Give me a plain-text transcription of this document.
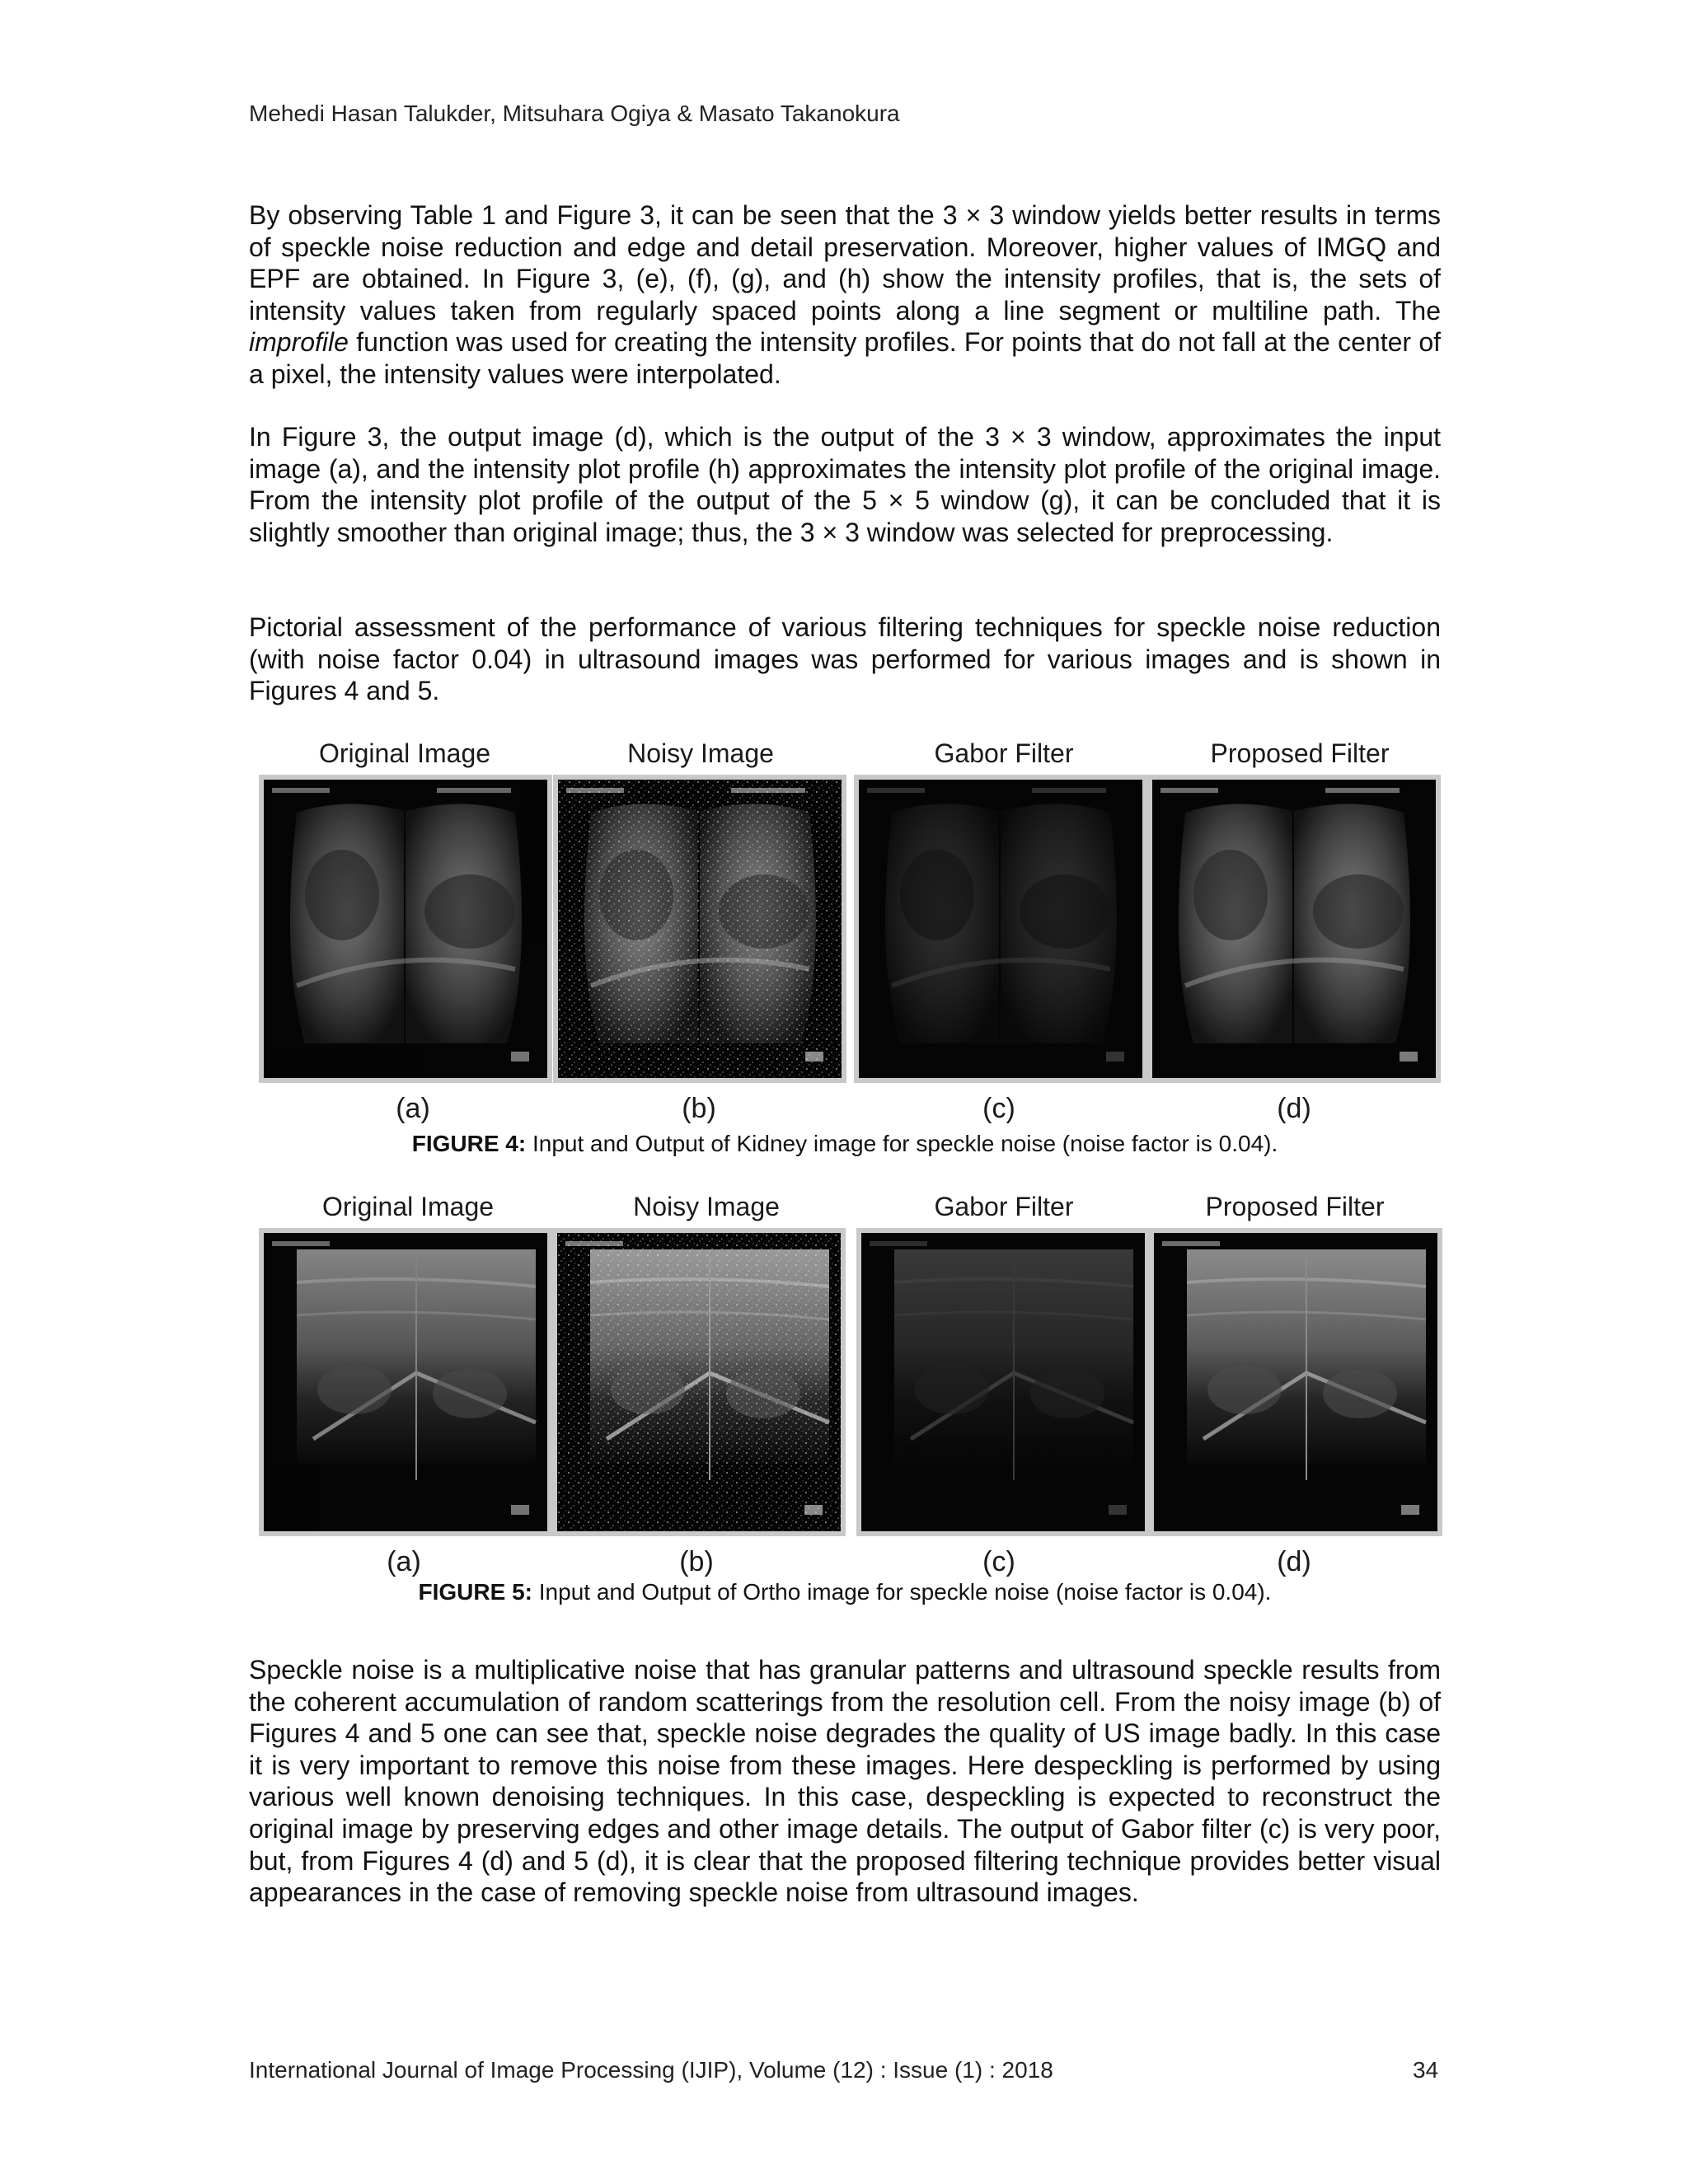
Mehedi Hasan Talukder, Mitsuhara Ogiya & Masato Takanokura

By observing Table 1 and Figure 3, it can be seen that the 3 × 3 window yields better results in terms of speckle noise reduction and edge and detail preservation. Moreover, higher values of IMGQ and EPF are obtained. In Figure 3, (e), (f), (g), and (h) show the intensity profiles, that is, the sets of intensity values taken from regularly spaced points along a line segment or multiline path. The improfile function was used for creating the intensity profiles. For points that do not fall at the center of a pixel, the intensity values were interpolated.

In Figure 3, the output image (d), which is the output of the 3 × 3 window, approximates the input image (a), and the intensity plot profile (h) approximates the intensity plot profile of the original image. From the intensity plot profile of the output of the 5 × 5 window (g), it can be concluded that it is slightly smoother than original image; thus, the 3 × 3 window was selected for preprocessing.

Pictorial assessment of the performance of various filtering techniques for speckle noise reduction (with noise factor 0.04) in ultrasound images was performed for various images and is shown in Figures 4 and 5.

Original Image	Noisy Image	Gabor Filter	Proposed Filter
(a)	(b)	(c)	(d)
FIGURE 4: Input and Output of Kidney image for speckle noise (noise factor is 0.04).
Original Image	Noisy Image	Gabor Filter	Proposed Filter
(a)	(b)	(c)	(d)
FIGURE 5: Input and Output of Ortho image for speckle noise (noise factor is 0.04).

Speckle noise is a multiplicative noise that has granular patterns and ultrasound speckle results from the coherent accumulation of random scatterings from the resolution cell. From the noisy image (b) of Figures 4 and 5 one can see that, speckle noise degrades the quality of US image badly. In this case it is very important to remove this noise from these images. Here despeckling is performed by using various well known denoising techniques. In this case, despeckling is expected to reconstruct the original image by preserving edges and other image details. The output of Gabor filter (c) is very poor, but, from Figures 4 (d) and 5 (d), it is clear that the proposed filtering technique provides better visual appearances in the case of removing speckle noise from ultrasound images.

International Journal of Image Processing (IJIP), Volume (12) : Issue (1) : 2018	34
